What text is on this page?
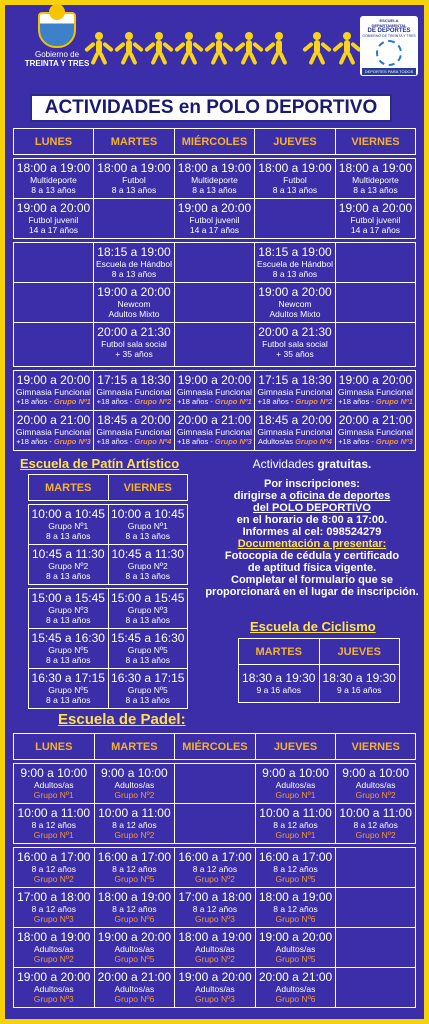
Gobierno de
TREINTA Y TRES
ESCUELA DEPARTAMENTAL
DE DEPORTES
GOBIERNO DE TREINTA Y TRES
DEPORTES PARA TODOS
ACTIVIDADES en POLO DEPORTIVO
LUNES	MARTES	MIÉRCOLES	JUEVES	VIERNES

18:00 a 19:00
Multideporte
8 a 13 años	18:00 a 19:00
Futbol
8 a 13 años	18:00 a 19:00
Multideporte
8 a 13 años	18:00 a 19:00
Futbol
8 a 13 años	18:00 a 19:00
Multideporte
8 a 13 años

19:00 a 20:00
Futbol juvenil
14 a 17 años		19:00 a 20:00
Futbol juvenil
14 a 17 años		19:00 a 20:00
Futbol juvenil
14 a 17 años

	18:15 a 19:00
Escuela de Hándbol
8 a 13 años		18:15 a 19:00
Escuela de Hándbol
8 a 13 años	

	19:00 a 20:00
Newcom
Adultos Mixto		19:00 a 20:00
Newcom
Adultos Mixto	

	20:00 a 21:30
Futbol sala social
+ 35 años		20:00 a 21:30
Futbol sala social
+ 35 años	

19:00 a 20:00
Gimnasia Funcional
+18 años - Grupo Nº1	17:15 a 18:30
Gimnasia Funcional
+18 años - Grupo Nº2	19:00 a 20:00
Gimnasia Funcional
+18 años - Grupo Nº1	17:15 a 18:30
Gimnasia Funcional
+18 años - Grupo Nº2	19:00 a 20:00
Gimnasia Funcional
+18 años - Grupo Nº1

20:00 a 21:00
Gimnasia Funcional
+18 años - Grupo Nº3	18:45 a 20:00
Gimnasia Funcional
+18 años - Grupo Nº4	20:00 a 21:00
Gimnasia Funcional
+18 años - Grupo Nº3	18:45 a 20:00
Gimnasia Funcional
Adultos/as Grupo Nº4	20:00 a 21:00
Gimnasia Funcional
+18 años - Grupo Nº3
Escuela de Patín Artístico
MARTES	VIERNES

10:00 a 10:45
Grupo Nº1
8 a 13 años	10:00 a 10:45
Grupo Nº1
8 a 13 años

10:45 a 11:30
Grupo Nº2
8 a 13 años	10:45 a 11:30
Grupo Nº2
8 a 13 años

15:00 a 15:45
Grupo Nº3
8 a 13 años	15:00 a 15:45
Grupo Nº3
8 a 13 años

15:45 a 16:30
Grupo Nº5
8 a 13 años	15:45 a 16:30
Grupo Nº5
8 a 13 años

16:30 a 17:15
Grupo Nº5
8 a 13 años	16:30 a 17:15
Grupo Nº5
8 a 13 años
Actividades gratuitas.
Por inscripciones:
dirigirse a oficina de deportes
del POLO DEPORTIVO
en el horario de 8:00 a 17:00.
Informes al cel: 098524279
Documentación a presentar:
Fotocopia de cédula y certificado
de aptitud física vigente.
Completar el formulario que se
proporcionará en el lugar de inscripción.
Escuela de Ciclismo
MARTES	JUEVES

18:30 a 19:30
9 a 16 años	18:30 a 19:30
9 a 16 años
Escuela de Padel:
LUNES	MARTES	MIÉRCOLES	JUEVES	VIERNES

9:00 a 10:00
Adultos/as
Grupo Nº1	9:00 a 10:00
Adultos/as
Grupo Nº2		9:00 a 10:00
Adultos/as
Grupo Nº1	9:00 a 10:00
Adultos/as
Grupo Nº2

10:00 a 11:00
8 a 12 años
Grupo Nº1	10:00 a 11:00
8 a 12 años
Grupo Nº2		10:00 a 11:00
8 a 12 años
Grupo Nº1	10:00 a 11:00
8 a 12 años
Grupo Nº2

16:00 a 17:00
8 a 12 años
Grupo Nº2	16:00 a 17:00
8 a 12 años
Grupo Nº5	16:00 a 17:00
8 a 12 años
Grupo Nº2	16:00 a 17:00
8 a 12 años
Grupo Nº5	

17:00 a 18:00
8 a 12 años
Grupo Nº3	18:00 a 19:00
8 a 12 años
Grupo Nº6	17:00 a 18:00
8 a 12 años
Grupo Nº3	18:00 a 19:00
8 a 12 años
Grupo Nº6	

18:00 a 19:00
Adultos/as
Grupo Nº2	19:00 a 20:00
Adultos/as
Grupo Nº5	18:00 a 19:00
Adultos/as
Grupo Nº2	19:00 a 20:00
Adultos/as
Grupo Nº5	

19:00 a 20:00
Adultos/as
Grupo Nº3	20:00 a 21:00
Adultos/as
Grupo Nº6	19:00 a 20:00
Adultos/as
Grupo Nº3	20:00 a 21:00
Adultos/as
Grupo Nº6	
